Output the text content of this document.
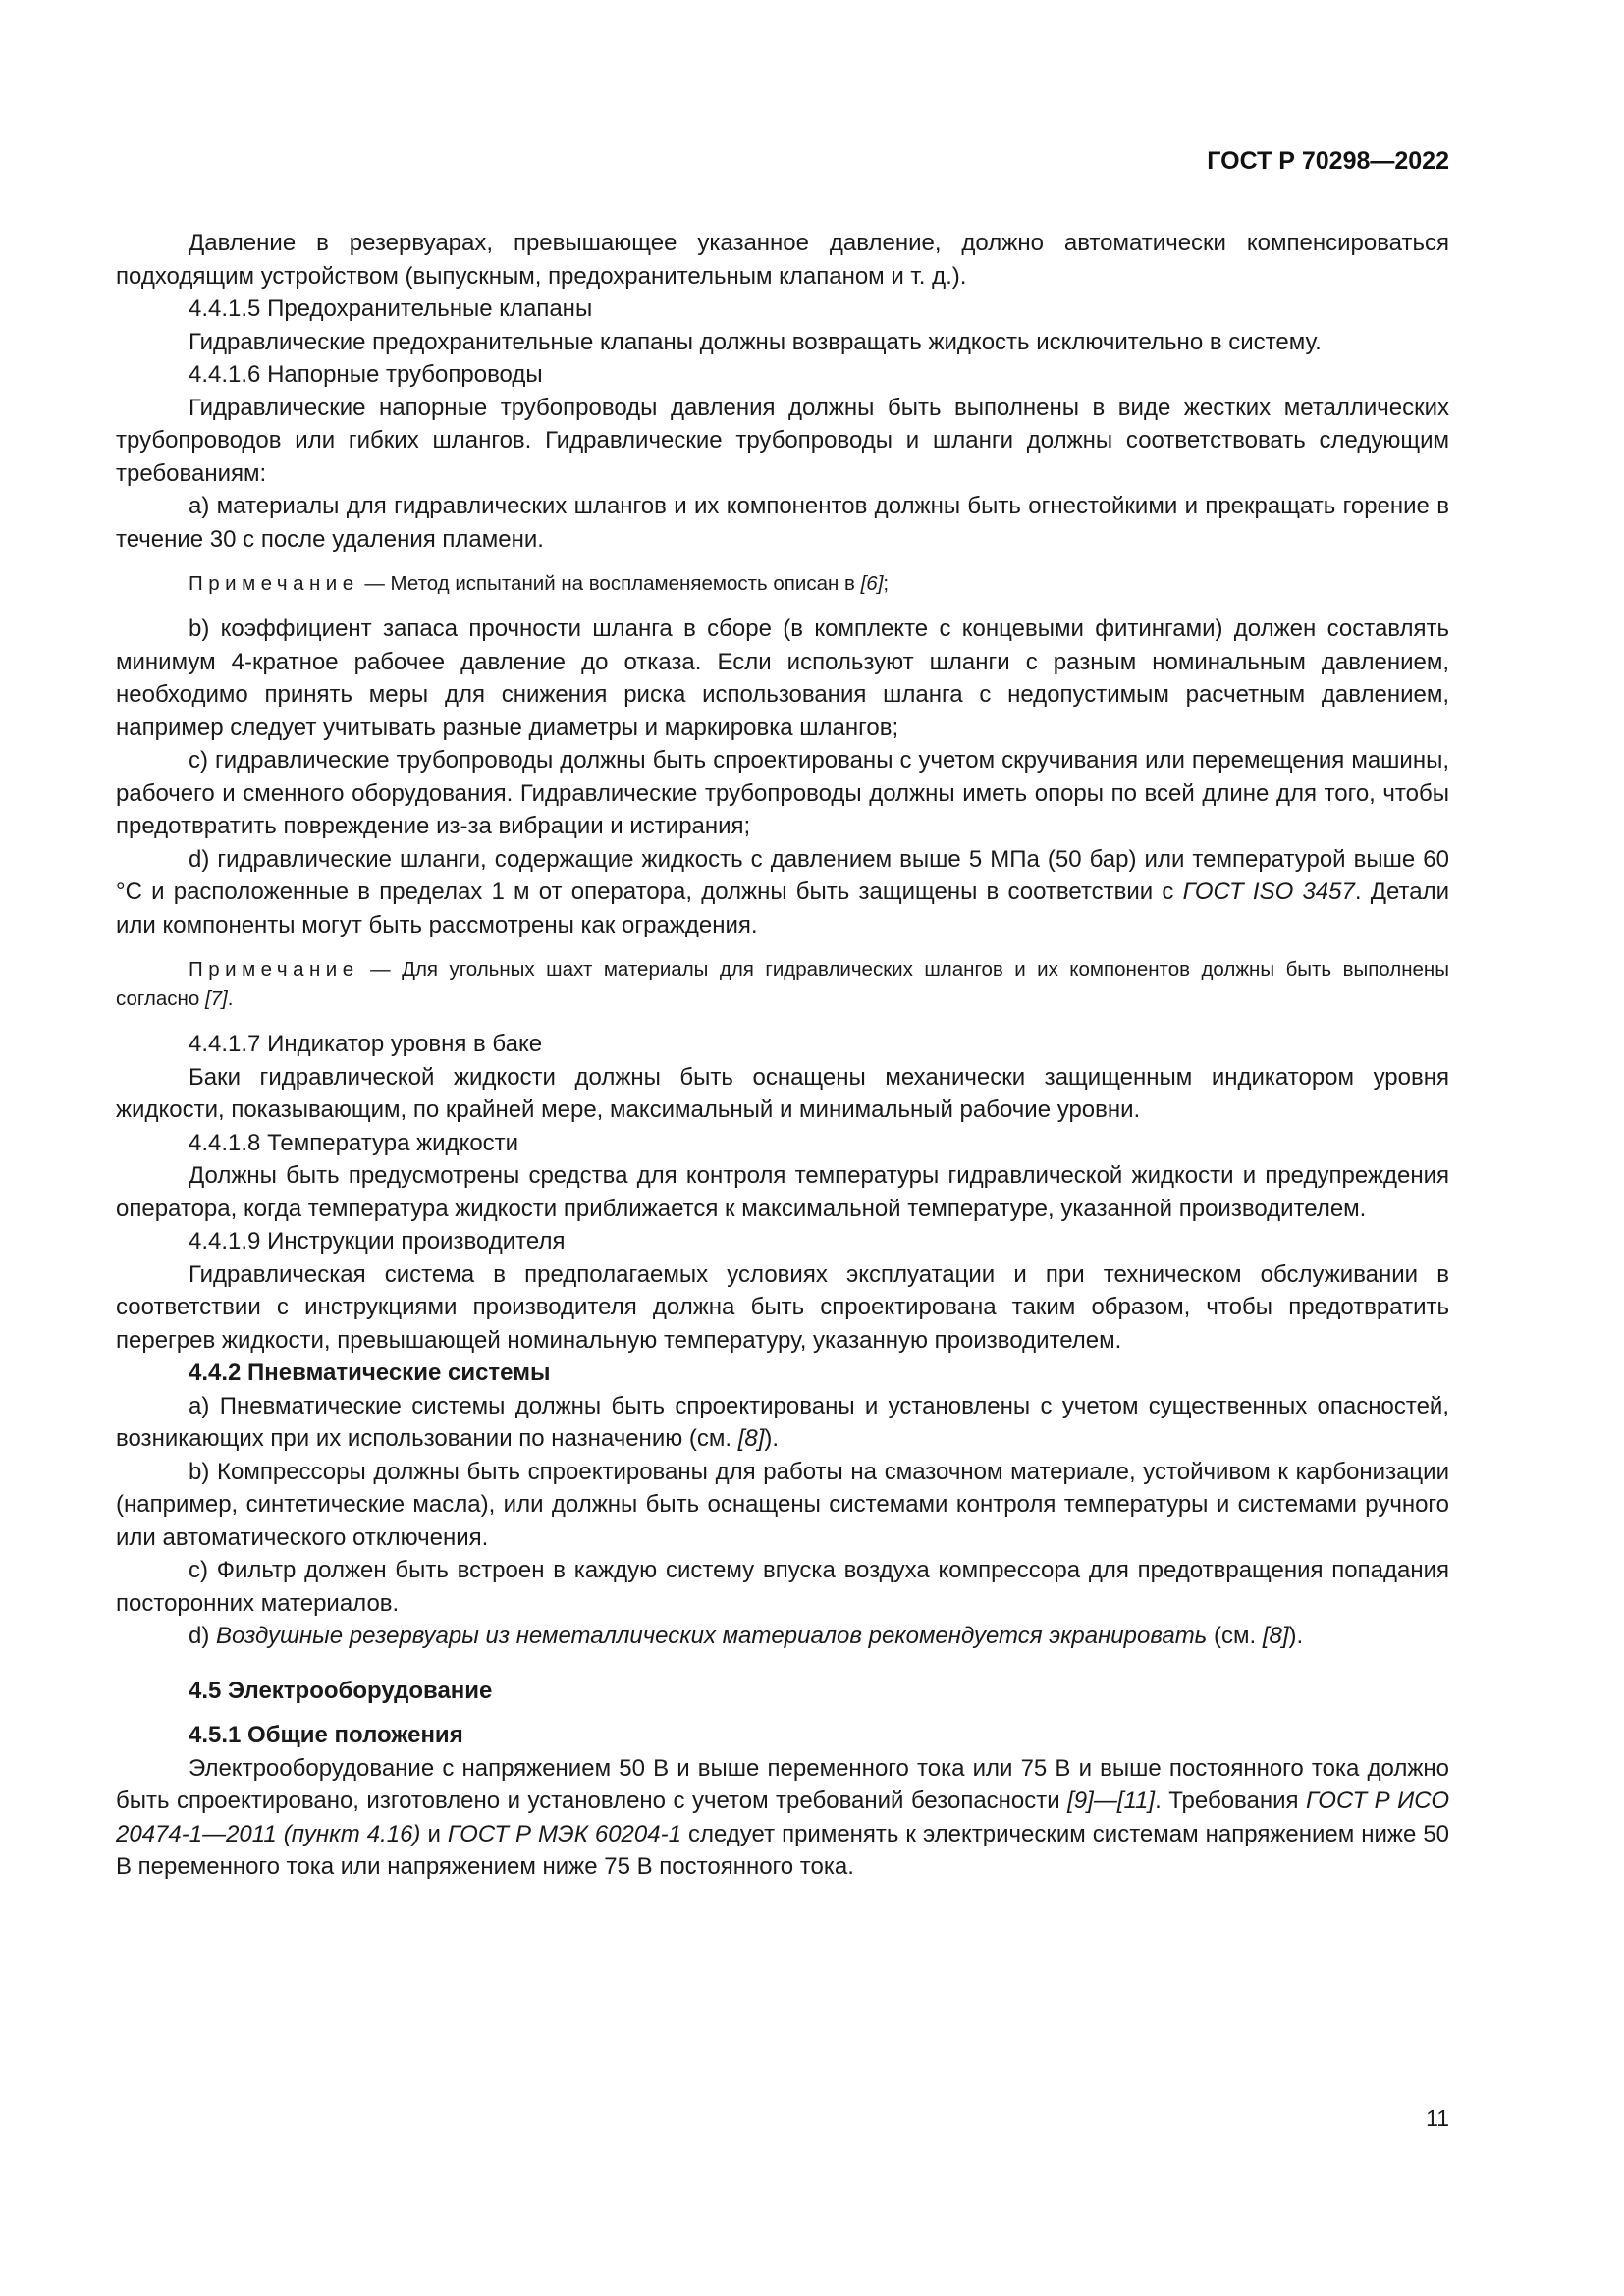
ГОСТ Р 70298—2022

Давление в резервуарах, превышающее указанное давление, должно автоматически компенсироваться подходящим устройством (выпускным, предохранительным клапаном и т. д.).

4.4.1.5 Предохранительные клапаны

Гидравлические предохранительные клапаны должны возвращать жидкость исключительно в систему.

4.4.1.6 Напорные трубопроводы

Гидравлические напорные трубопроводы давления должны быть выполнены в виде жестких металлических трубопроводов или гибких шлангов. Гидравлические трубопроводы и шланги должны соответствовать следующим требованиям:

а) материалы для гидравлических шлангов и их компонентов должны быть огнестойкими и прекращать горение в течение 30 с после удаления пламени.

Примечание — Метод испытаний на воспламеняемость описан в [6];

b) коэффициент запаса прочности шланга в сборе (в комплекте с концевыми фитингами) должен составлять минимум 4-кратное рабочее давление до отказа. Если используют шланги с разным номинальным давлением, необходимо принять меры для снижения риска использования шланга с недопустимым расчетным давлением, например следует учитывать разные диаметры и маркировка шлангов;

c) гидравлические трубопроводы должны быть спроектированы с учетом скручивания или перемещения машины, рабочего и сменного оборудования. Гидравлические трубопроводы должны иметь опоры по всей длине для того, чтобы предотвратить повреждение из-за вибрации и истирания;

d) гидравлические шланги, содержащие жидкость с давлением выше 5 МПа (50 бар) или температурой выше 60 °С и расположенные в пределах 1 м от оператора, должны быть защищены в соответствии с ГОСТ ISO 3457. Детали или компоненты могут быть рассмотрены как ограждения.

Примечание — Для угольных шахт материалы для гидравлических шлангов и их компонентов должны быть выполнены согласно [7].

4.4.1.7 Индикатор уровня в баке

Баки гидравлической жидкости должны быть оснащены механически защищенным индикатором уровня жидкости, показывающим, по крайней мере, максимальный и минимальный рабочие уровни.

4.4.1.8 Температура жидкости

Должны быть предусмотрены средства для контроля температуры гидравлической жидкости и предупреждения оператора, когда температура жидкости приближается к максимальной температуре, указанной производителем.

4.4.1.9 Инструкции производителя

Гидравлическая система в предполагаемых условиях эксплуатации и при техническом обслуживании в соответствии с инструкциями производителя должна быть спроектирована таким образом, чтобы предотвратить перегрев жидкости, превышающей номинальную температуру, указанную производителем.

4.4.2 Пневматические системы

а) Пневматические системы должны быть спроектированы и установлены с учетом существенных опасностей, возникающих при их использовании по назначению (см. [8]).

b) Компрессоры должны быть спроектированы для работы на смазочном материале, устойчивом к карбонизации (например, синтетические масла), или должны быть оснащены системами контроля температуры и системами ручного или автоматического отключения.

c) Фильтр должен быть встроен в каждую систему впуска воздуха компрессора для предотвращения попадания посторонних материалов.

d) Воздушные резервуары из неметаллических материалов рекомендуется экранировать (см. [8]).

4.5 Электрооборудование

4.5.1 Общие положения

Электрооборудование с напряжением 50 В и выше переменного тока или 75 В и выше постоянного тока должно быть спроектировано, изготовлено и установлено с учетом требований безопасности [9]—[11]. Требования ГОСТ Р ИСО 20474-1—2011 (пункт 4.16) и ГОСТ Р МЭК 60204-1 следует применять к электрическим системам напряжением ниже 50 В переменного тока или напряжением ниже 75 В постоянного тока.

11
